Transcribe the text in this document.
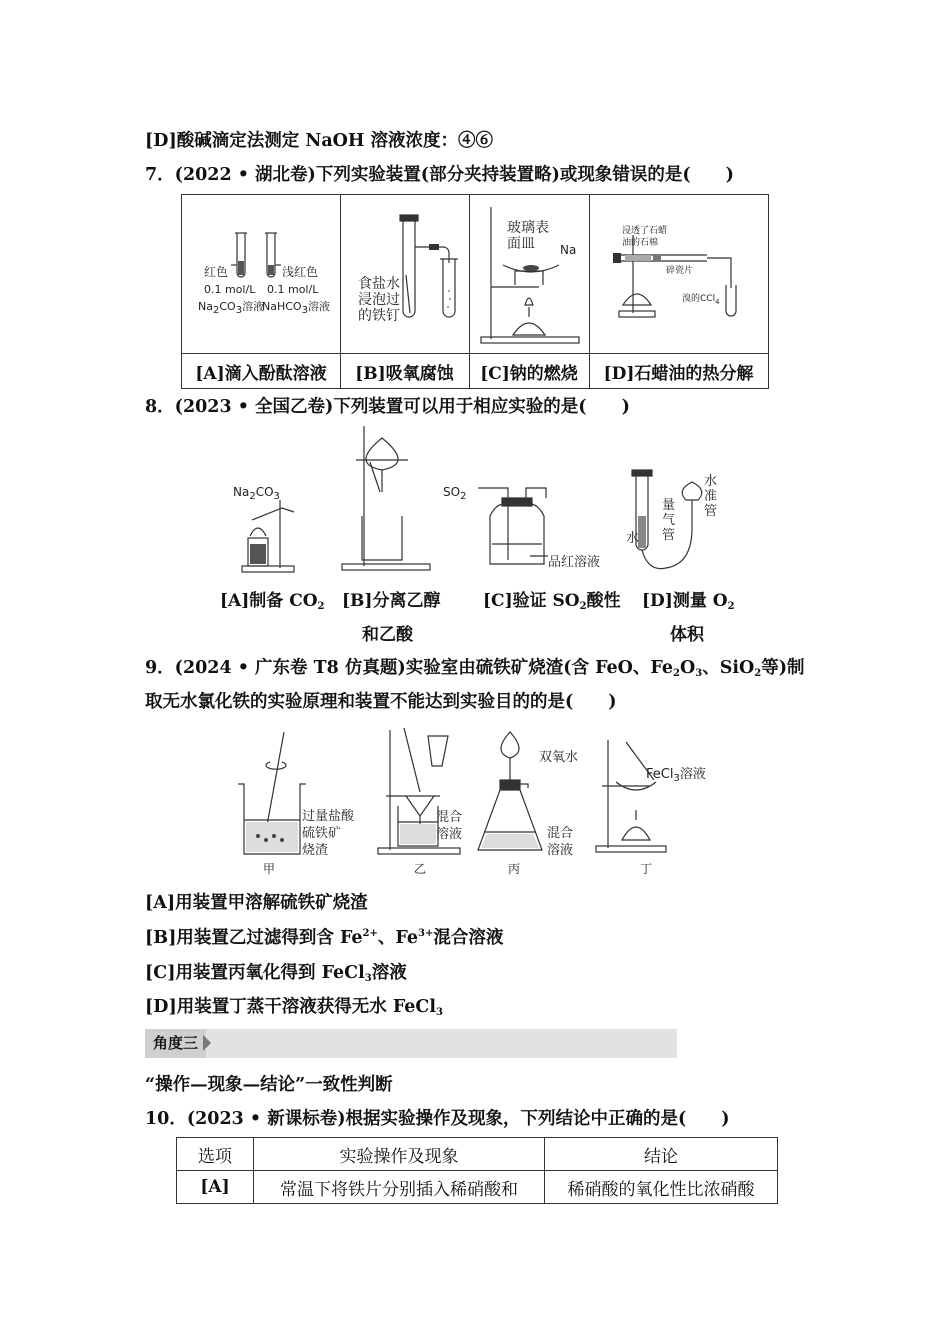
[D]酸碱滴定法测定 NaOH 溶液浓度：④⑥
7．(2022 • 湖北卷)下列实验装置(部分夹持装置略)或现象错误的是(　　)
红色	浅红色
0.1 mol/L 0.1 mol/L
Na2CO3溶液
NaHCO3溶液
食盐水
浸泡过
的铁钉
玻璃表
面皿 Na
浸透了石蜡
油的石棉
碎瓷片
溴的CCl$_4$
[A]滴入酚酞溶液	[B]吸氧腐蚀	[C]钠的燃烧	[D]石蜡油的热分解
8．(2023 • 全国乙卷)下列装置可以用于相应实验的是(　　)
$Na_2CO_3$	$SO_2$
品红溶液
水
量
气
管
水
准
管
[A]制备 $CO_2$ [B]分离乙醇
和乙酸
[C]验证 $SO_2$酸性 [D]测量 $O_2$
体积
9．(2024 • 广东卷 T8 仿真题)实验室由硫铁矿烧渣(含 FeO、$Fe_2O_3$、SiO$_2$等)制
取无水氯化铁的实验原理和装置不能达到实验目的的是(　　)
过量盐酸
硫铁矿
烧渣
混合
溶液
双氧水
混合
溶液
FeCl$_3$溶液
甲	乙	丙	丁
[A]用装置甲溶解硫铁矿烧渣
[B]用装置乙过滤得到含 $Fe^{2+}$、$Fe^{3+}$混合溶液
[C]用装置丙氧化得到 FeCl$_3$溶液
[D]用装置丁蒸干溶液获得无水 FeCl$_3$
角度三
“操作—现象—结论”一致性判断
10．(2023 • 新课标卷)根据实验操作及现象，下列结论中正确的是(　　)
选项	实验操作及现象	结论
[A]	常温下将铁片分别插入稀硝酸和	稀硝酸的氧化性比浓硝酸
